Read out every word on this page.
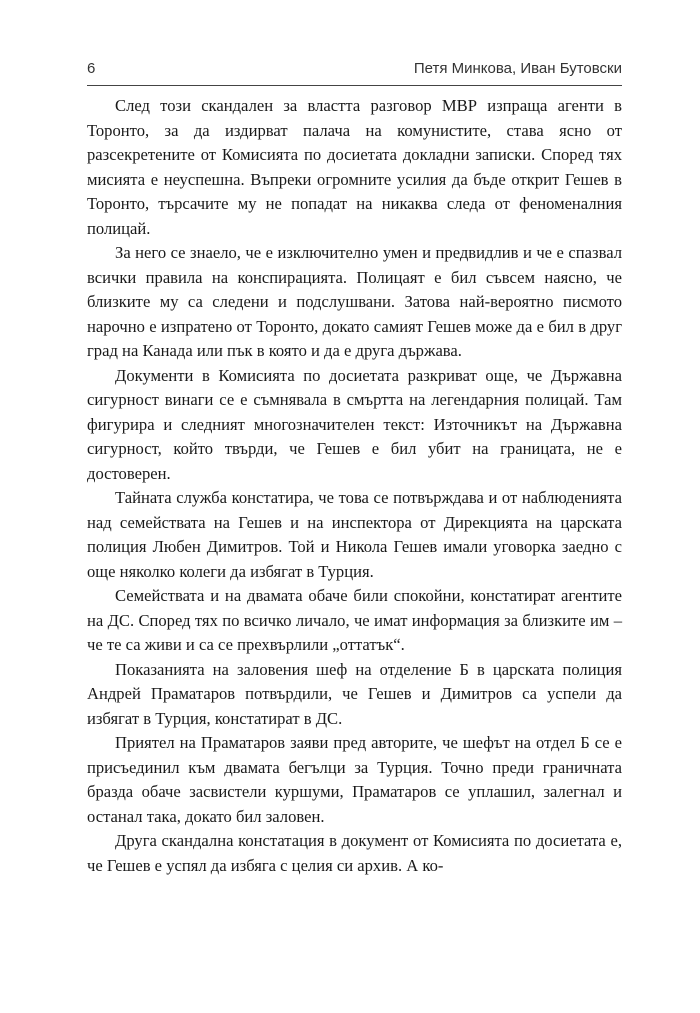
6	Петя Минкова, Иван Бутовски

След този скандален за властта разговор МВР изпраща агенти в Торонто, за да издирват палача на комунистите, става ясно от разсекретените от Комисията по досиетата докладни записки. Според тях мисията е неуспешна. Въпреки огромните усилия да бъде открит Гешев в Торонто, търсачите му не попадат на никаква следа от феноменалния полицай.

За него се знаело, че е изключително умен и предвидлив и че е спазвал всички правила на конспирацията. Полицаят е бил съвсем наясно, че близките му са следени и подслушвани. Затова най-вероятно писмото нарочно е изпратено от Торонто, докато самият Гешев може да е бил в друг град на Канада или пък в която и да е друга държава.

Документи в Комисията по досиетата разкриват още, че Държавна сигурност винаги се е съмнявала в смъртта на легендарния полицай. Там фигурира и следният многозначителен текст: Източникът на Държавна сигурност, който твърди, че Гешев е бил убит на границата, не е достоверен.

Тайната служба констатира, че това се потвърждава и от наблюденията над семействата на Гешев и на инспектора от Дирекцията на царската полиция Любен Димитров. Той и Никола Гешев имали уговорка заедно с още няколко колеги да избягат в Турция.

Семействата и на двамата обаче били спокойни, констатират агентите на ДС. Според тях по всичко личало, че имат информация за близките им – че те са живи и са се прехвърлили „оттатък“.

Показанията на заловения шеф на отделение Б в царската полиция Андрей Праматаров потвърдили, че Гешев и Димитров са успели да избягат в Турция, констатират в ДС.

Приятел на Праматаров заяви пред авторите, че шефът на отдел Б се е присъединил към двамата бегълци за Турция. Точно преди граничната бразда обаче засвистели куршуми, Праматаров се уплашил, залегнал и останал така, докато бил заловен.

Друга скандална констатация в документ от Комисията по досиетата е, че Гешев е успял да избяга с целия си архив. А ко-
